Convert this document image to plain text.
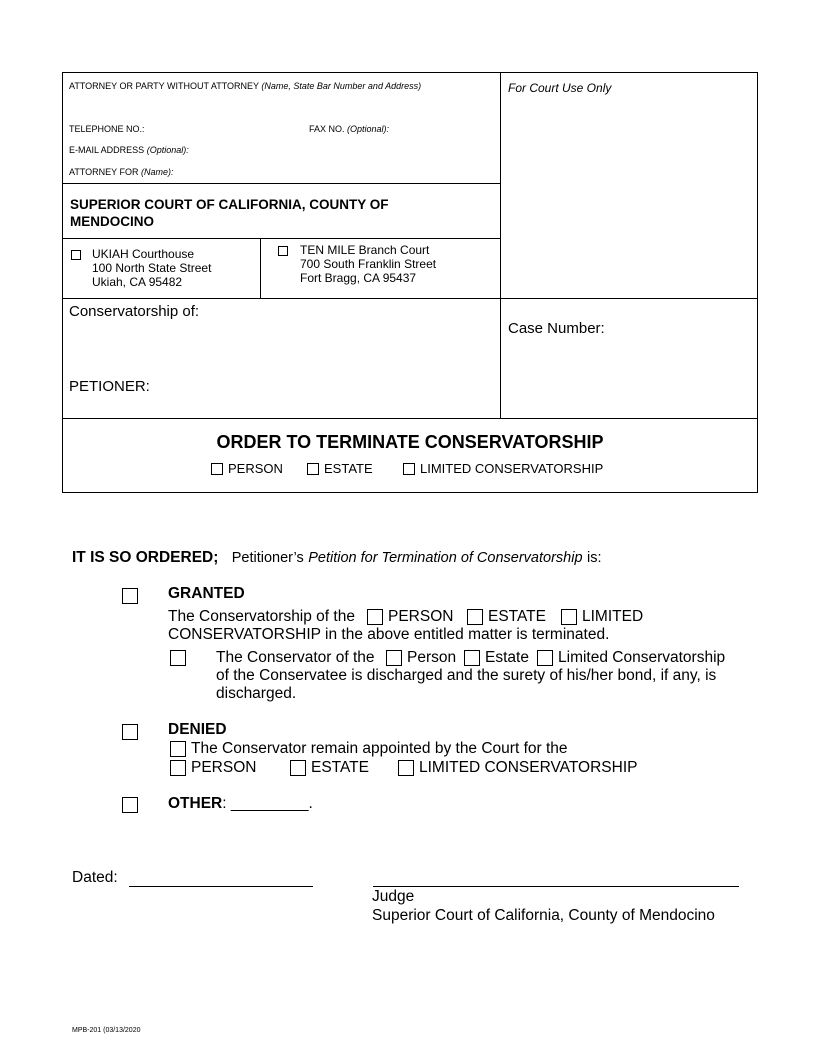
ATTORNEY OR PARTY WITHOUT ATTORNEY (Name, State Bar Number and Address)	For Court Use Only
TELEPHONE NO.:	FAX NO. (Optional):
E-MAIL ADDRESS (Optional):
ATTORNEY FOR (Name):
SUPERIOR COURT OF CALIFORNIA, COUNTY OF
MENDOCINO
UKIAH Courthouse
100 North State Street
Ukiah, CA 95482
TEN MILE Branch Court
700 South Franklin Street
Fort Bragg, CA 95437
Conservatorship of:
PETIONER:
Case Number:
ORDER TO TERMINATE CONSERVATORSHIP
PERSON	ESTATE	LIMITED CONSERVATORSHIP
IT IS SO ORDERED; Petitioner’s Petition for Termination of Conservatorship is:
GRANTED
The Conservatorship of the PERSON ESTATE LIMITED
CONSERVATORSHIP in the above entitled matter is terminated.
The Conservator of the Person Estate Limited Conservatorship
of the Conservatee is discharged and the surety of his/her bond, if any, is
discharged.
DENIED
The Conservator remain appointed by the Court for the
PERSON	ESTATE	LIMITED CONSERVATORSHIP
OTHER: _________.
Dated:
Judge
Superior Court of California, County of Mendocino
MPB-201 (03/13/2020
